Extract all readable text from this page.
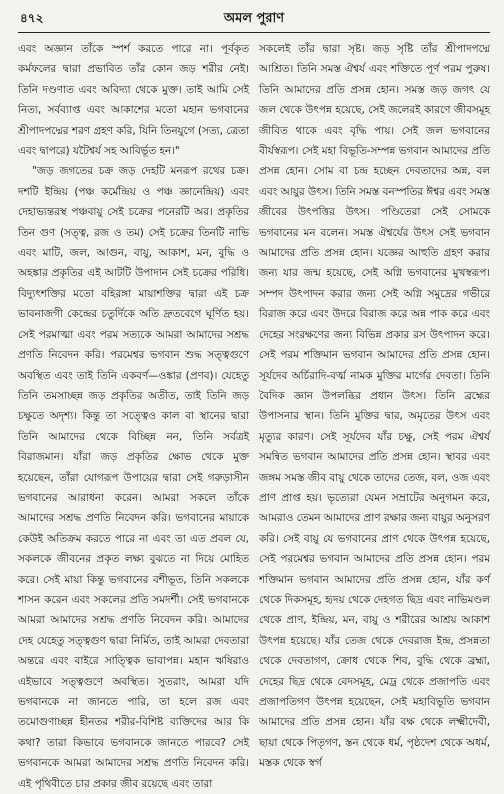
৪৭২	অমল পুরাণ

এবং অজ্ঞান তাঁকে স্পর্শ করতে পারে না। পূর্বকৃত কর্মফলের দ্বারা প্রভাবিত তাঁর কোন জড় শরীর নেই। তিনি দণ্ডণাত এবং অবিদ্যা থেকে মুক্ত। তাই আমি সেই নিত্য, সর্বব্যাপ্ত এবং আকাশের মতো মহান ভগবানের শ্রীপাদপদ্মের শরণ গ্রহণ করি, যিনি তিনযুগে (সত্য, ত্রেতা এবং দ্বাপরে) যটৈশ্বর্য সহ আবির্ভূত হন।"

"জড় জগতের চক্র জড় দেহটি মনরূপ রথের চক্র। দশটি ইন্দ্রিয় (পঞ্চ কর্মেন্দ্রিয় ও পঞ্চ জ্ঞানেন্দ্রিয়) এবং দেহাভ্যন্তরস্থ পঞ্চবায়ু সেই চক্রের পনেরটি অর। প্রকৃতির তিন গুণ (সত্ত্ব, রজ ও তম) সেই চক্রের তিনটি নাভি এবং মাটি, জল, আগুন, বায়ু, আকাশ, মন, বুদ্ধি ও অহঙ্কার প্রকৃতির এই আটটি উপাদান সেই চক্রের পরিধি। বিদ্যুৎশক্তির মতো বহিরঙ্গা মায়াশক্তির দ্বারা এই চক্র ভাবনাজগী কেন্দ্রের চতুর্দিকে অতি দ্রুতবেগে ঘূর্ণিত হয়। সেই পরমাত্মা এবং পরম সত্যকে আমরা আমাদের সশ্রদ্ধ প্রণতি নিবেদন করি। পরমেশ্বর ভগবান শুদ্ধ সত্ত্বগুণে অবস্থিত এবং তাই তিনি একবর্ণ—ওঙ্কার (প্রণব)। যেহেতু তিনি তমসাচ্ছন্ন জড় প্রকৃতির অতীত, তাই তিনি জড় চক্ষুতে অদৃশ্য। কিন্তু তা সত্ত্বেও কাল বা স্থানের দ্বারা তিনি আমাদের থেকে বিচ্ছিন্ন নন, তিনি সর্বত্রই বিরাজমান। যাঁরা জড় প্রকৃতির ক্ষোভ থেকে মুক্ত হয়েছেন, তাঁরা যোগরূপ উপায়ের দ্বারা সেই গরুড়াসীন ভগবানের আরাধনা করেন। আমরা সকলে তাঁকে আমাদের সশ্রদ্ধ প্রণতি নিবেদন করি। ভগবানের মায়াকে কেউই অতিক্রম করতে পারে না এবং তা এত প্রবল যে, সকলকে জীবনের প্রকৃত লক্ষ্য বুঝতে না দিয়ে মোহিত করে। সেই মায়া কিন্তু ভগবানের বশীভূত, তিনি সকলকে শাসন করেন এবং সকলের প্রতি সমদর্শী। সেই ভগবানকে আমরা আমাদের সশ্রদ্ধ প্রণতি নিবেদন করি। আমাদের দেহ যেহেতু সত্ত্বগুণ দ্বারা নির্মিত, তাই আমরা দেবতারা অন্তরে এবং বাইরে সাত্ত্বিক ভাবাপন্ন। মহান ঋষিরাও এইভাবে সত্ত্বগুণে অবস্থিত। সুতরাং, আমরা যদি ভগবানকে না জানতে পারি, তা হলে রজ এবং তমোগুণাচ্ছন্ন হীনতর শরীর-বিশিষ্ট ব্যক্তিদের আর কি কথা? তারা কিভাবে ভগবানকে জানতে পারবে? সেই ভগবানকে আমরা আমাদের সশ্রদ্ধ প্রণতি নিবেদন করি। এই পৃথিবীতে চার প্রকার জীব রয়েছে এবং তারা

সকলেই তাঁর দ্বারা সৃষ্ট। জড় সৃষ্টি তাঁর শ্রীপাদপদ্মে আশ্রিত। তিনি সমস্ত ঐশ্বর্য এবং শক্তিতে পূর্ণ পরম পুরুষ। তিনি আমাদের প্রতি প্রসন্ন হোন। সমস্ত জড় জগৎ যে জল থেকে উৎপন্ন হয়েছে, সেই জলেরই কারণে জীবসমূহ জীবিত থাকে এবং বৃদ্ধি পায়। সেই জল ভগবানের বীর্যস্বরূপ। সেই মহা বিভূতি-সম্পন্ন ভগবান আমাদের প্রতি প্রসন্ন হোন। সোম বা চন্দ্র হচ্ছেন দেবতাদের অন্ন, বল এবং আয়ুর উৎস। তিনি সমস্ত বনস্পতির ঈশ্বর এবং সমস্ত জীবের উৎপত্তির উৎস। পণ্ডিতেরা সেই সোমকে ভগবানের মন বলেন। সমস্ত ঐশ্বর্যের উৎস সেই ভগবান আমাদের প্রতি প্রসন্ন হোন। যজ্ঞের আহুতি গ্রহণ করার জন্য যার জন্ম হয়েছে, সেই অগ্নি ভগবানের মুখস্বরূপ। সম্পদ উৎপাদন করার জন্য সেই অগ্নি সমুদ্রের গভীরে বিরাজ করে এবং উদরে বিরাজ করে অন্ন পাক করে এবং দেহের সংরক্ষণের জন্য বিভিন্ন প্রকার রস উৎপাদন করে। সেই পরম শক্তিমান ভগবান আমাদের প্রতি প্রসন্ন হোন। সূর্যদেব অর্চিরাদি-বর্ত্ম নামক মুক্তির মার্গের দেবতা। তিনি বৈদিক জ্ঞান উপলব্ধির প্রধান উৎস। তিনি ব্রহ্মের উপাসনার স্থান। তিনি মুক্তির দ্বার, অমৃতের উৎস এবং মৃত্যুর কারণ। সেই সূর্যদেব যাঁর চক্ষু, সেই পরম ঐশ্বর্য সমন্বিত ভগবান আমাদের প্রতি প্রসন্ন হোন। স্থাবর এবং জঙ্গম সমস্ত জীব বায়ু থেকে তাদের তেজ, বল, ওজ এবং প্রাণ প্রাপ্ত হয়। ভৃত্যেরা যেমন সম্রাটের অনুগমন করে, আমরাও তেমন আমাদের প্রাণ রক্ষার জন্য বায়ুর অনুসরণ করি। সেই বায়ু যে ভগবানের প্রাণ থেকে উৎপন্ন হয়েছে, সেই পরমেশ্বর ভগবান আমাদের প্রতি প্রসন্ন হোন। পরম শক্তিমান ভগবান আমাদের প্রতি প্রসন্ন হোন, যাঁর কর্ণ থেকে দিকসমূহ, হৃদয় থেকে দেহগত ছিদ্র এবং নাভিমণ্ডল থেকে প্রাণ, ইন্দ্রিয়, মন, বায়ু ও শরীরের আশ্রয় আকাশ উৎপন্ন হয়েছে। যাঁর তেজ থেকে দেবরাজ ইন্দ্র, প্রসন্নতা থেকে দেবতাগণ, ক্রোধ থেকে শিব, বুদ্ধি থেকে ব্রহ্মা, দেহের ছিদ্র থেকে বেদসমূহ, মেঢ্র থেকে প্রজাপতি এবং প্রজাপতিগণ উৎপন্ন হয়েছেন, সেই মহাবিভূতি ভগবান আমাদের প্রতি প্রসন্ন হোন। যাঁর বক্ষ থেকে লক্ষ্মীদেবী, ছায়া থেকে পিতৃগণ, স্তন থেকে ধর্ম, পৃষ্ঠদেশ থেকে অধর্ম, মস্তক থেকে স্বর্গ
